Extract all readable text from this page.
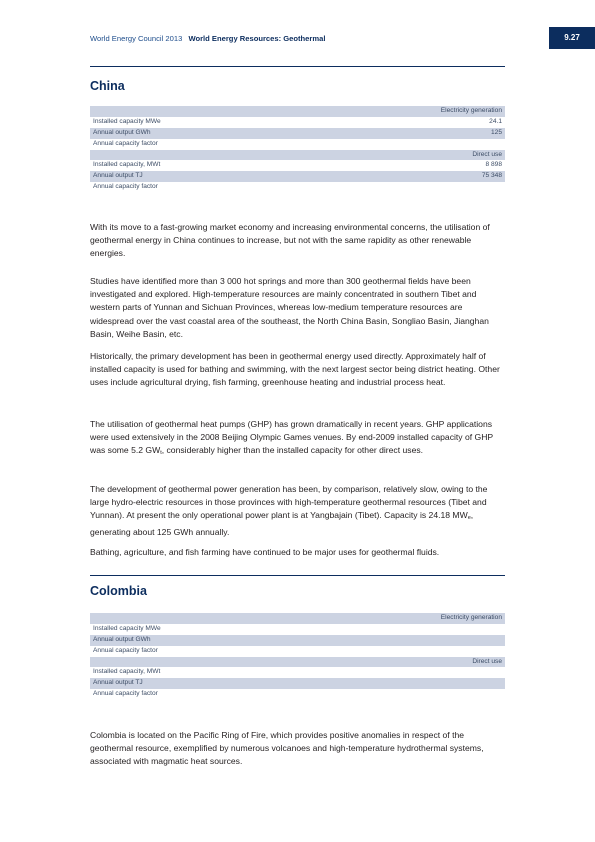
World Energy Council 2013 World Energy Resources: Geothermal	9.27
China
Electricity generation
Installed capacity MWe	24.1
Annual output GWh	125
Annual capacity factor
Direct use
Installed capacity, MWt	8 898
Annual output TJ	75 348
Annual capacity factor

With its move to a fast-growing market economy and increasing environmental concerns, the utilisation of geothermal energy in China continues to increase, but not with the same rapidity as other renewable energies.

Studies have identified more than 3 000 hot springs and more than 300 geothermal fields have been investigated and explored. High-temperature resources are mainly concentrated in southern Tibet and western parts of Yunnan and Sichuan Provinces, whereas low-medium temperature resources are widespread over the vast coastal area of the southeast, the North China Basin, Songliao Basin, Jianghan Basin, Weihe Basin, etc.

Historically, the primary development has been in geothermal energy used directly. Approximately half of installed capacity is used for bathing and swimming, with the next largest sector being district heating. Other uses include agricultural drying, fish farming, greenhouse heating and industrial process heat.

The utilisation of geothermal heat pumps (GHP) has grown dramatically in recent years. GHP applications were used extensively in the 2008 Beijing Olympic Games venues. By end-2009 installed capacity of GHP was some 5.2 $GW_t$, considerably higher than the installed capacity for other direct uses.

The development of geothermal power generation has been, by comparison, relatively slow, owing to the large hydro-electric resources in those provinces with high-temperature geothermal resources (Tibet and Yunnan). At present the only operational power plant is at Yangbajain (Tibet). Capacity is 24.18 $MW_e$, generating about 125 GWh annually.

Bathing, agriculture, and fish farming have continued to be major uses for geothermal fluids.

Colombia
Electricity generation
Installed capacity MWe
Annual output GWh
Annual capacity factor
Direct use
Installed capacity, MWt
Annual output TJ
Annual capacity factor

Colombia is located on the Pacific Ring of Fire, which provides positive anomalies in respect of the geothermal resource, exemplified by numerous volcanoes and high-temperature hydrothermal systems, associated with magmatic heat sources.
